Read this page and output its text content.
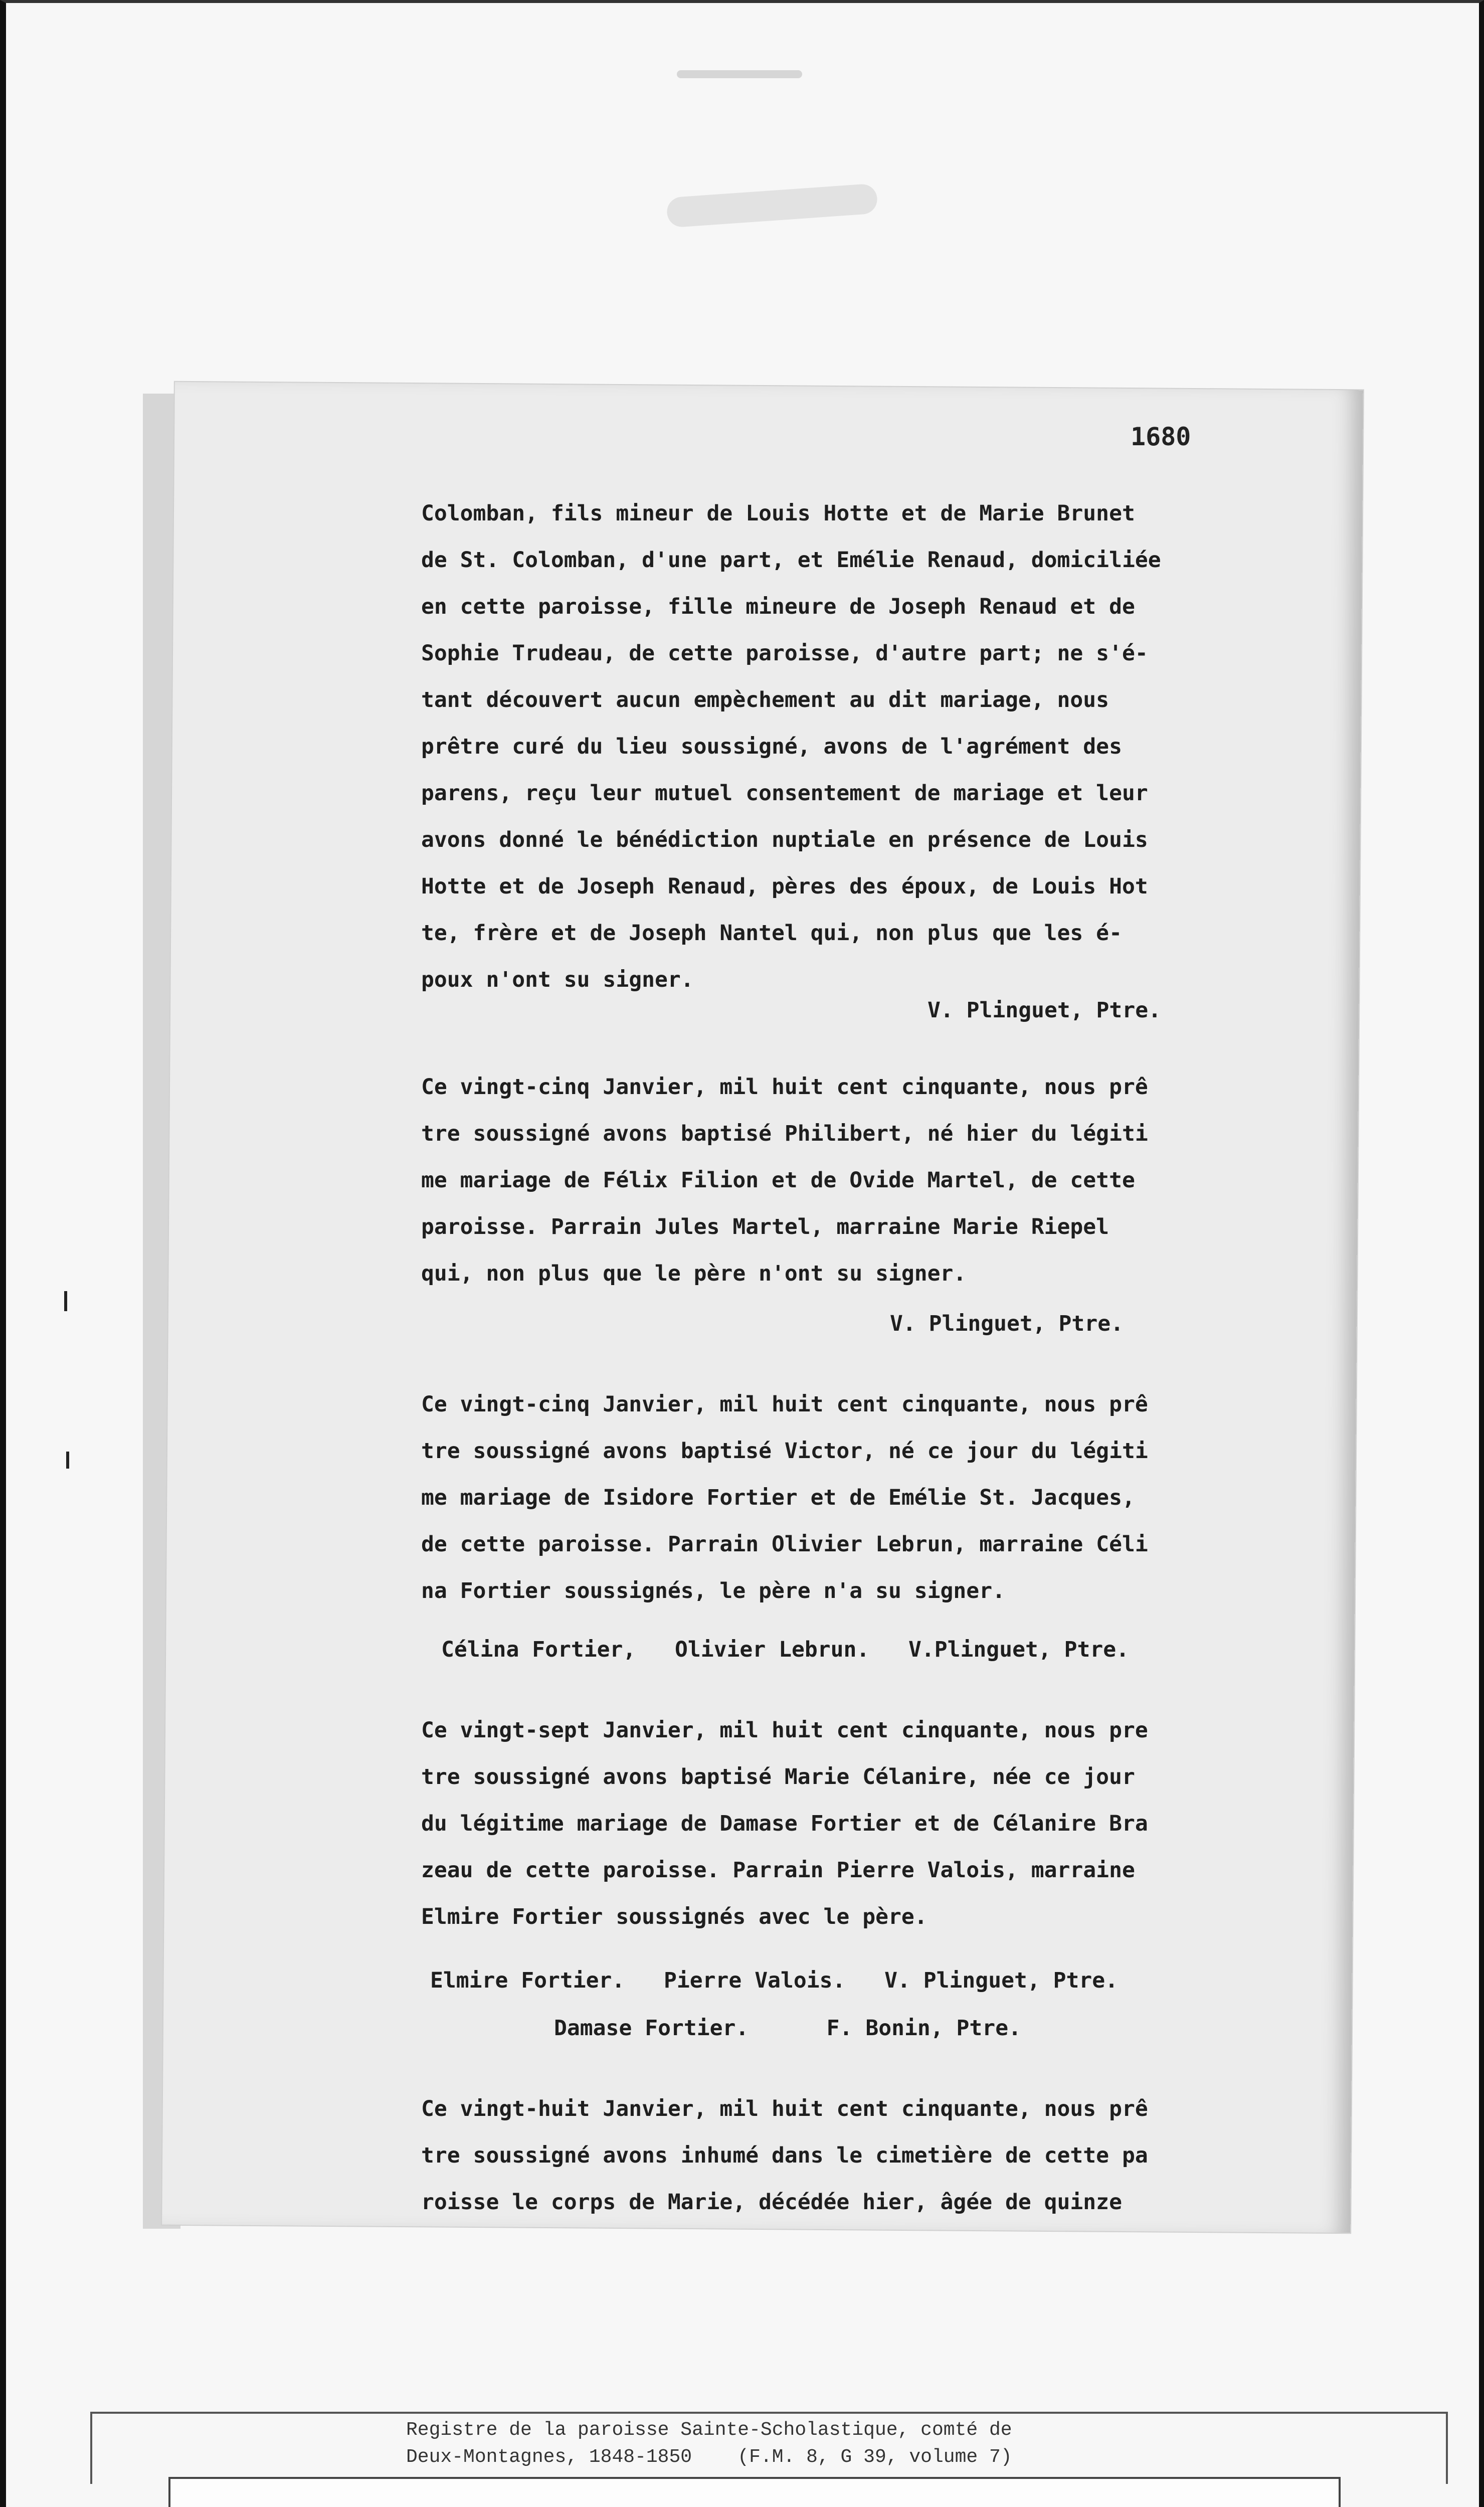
1680
Colomban, fils mineur de Louis Hotte et de Marie Brunet
de St. Colomban, d'une part, et Emélie Renaud, domiciliée
en cette paroisse, fille mineure de Joseph Renaud et de
Sophie Trudeau, de cette paroisse, d'autre part; ne s'é-
tant découvert aucun empèchement au dit mariage, nous
prêtre curé du lieu soussigné, avons de l'agrément des
parens, reçu leur mutuel consentement de mariage et leur
avons donné le bénédiction nuptiale en présence de Louis
Hotte et de Joseph Renaud, pères des époux, de Louis Hot
te, frère et de Joseph Nantel qui, non plus que les é-
poux n'ont su signer.
V. Plinguet, Ptre.
Ce vingt-cinq Janvier, mil huit cent cinquante, nous prê
tre soussigné avons baptisé Philibert, né hier du légiti
me mariage de Félix Filion et de Ovide Martel, de cette
paroisse. Parrain Jules Martel, marraine Marie Riepel
qui, non plus que le père n'ont su signer.
V. Plinguet, Ptre.
Ce vingt-cinq Janvier, mil huit cent cinquante, nous prê
tre soussigné avons baptisé Victor, né ce jour du légiti
me mariage de Isidore Fortier et de Emélie St. Jacques,
de cette paroisse. Parrain Olivier Lebrun, marraine Céli
na Fortier soussignés, le père n'a su signer.
Célina Fortier,   Olivier Lebrun.   V.Plinguet, Ptre.
Ce vingt-sept Janvier, mil huit cent cinquante, nous pre
tre soussigné avons baptisé Marie Célanire, née ce jour
du légitime mariage de Damase Fortier et de Célanire Bra
zeau de cette paroisse. Parrain Pierre Valois, marraine
Elmire Fortier soussignés avec le père.
Elmire Fortier.   Pierre Valois.   V. Plinguet, Ptre.
Damase Fortier.      F. Bonin, Ptre.
Ce vingt-huit Janvier, mil huit cent cinquante, nous prê
tre soussigné avons inhumé dans le cimetière de cette pa
roisse le corps de Marie, décédée hier, âgée de quinze
Registre de la paroisse Sainte-Scholastique, comté de
Deux-Montagnes, 1848-1850    (F.M. 8, G 39, volume 7)
